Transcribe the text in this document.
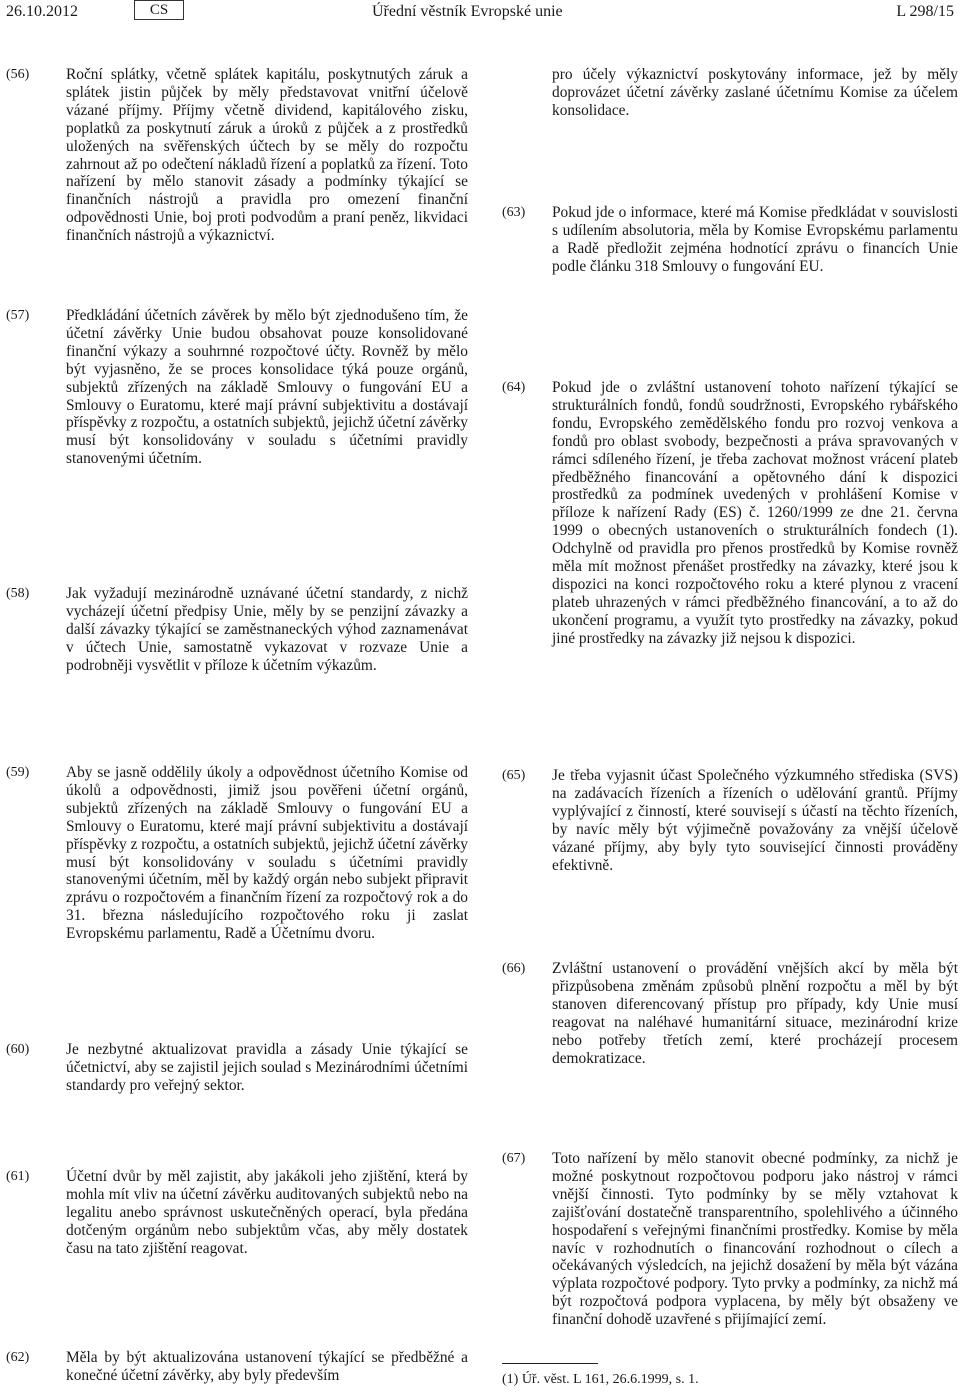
26.10.2012	CS	Úřední věstník Evropské unie	L 298/15
(56) Roční splátky, včetně splátek kapitálu, poskytnutých záruk a splátek jistin půjček by měly představovat vnitřní účelově vázané příjmy. Příjmy včetně dividend, kapitálového zisku, poplatků za poskytnutí záruk a úroků z půjček a z prostředků uložených na svěřenských účtech by se měly do rozpočtu zahrnout až po odečtení nákladů řízení a poplatků za řízení. Toto nařízení by mělo stanovit zásady a podmínky týkající se finančních nástrojů a pravidla pro omezení finanční odpovědnosti Unie, boj proti podvodům a praní peněz, likvidaci finančních nástrojů a výkaznictví.
(57) Předkládání účetních závěrek by mělo být zjednodušeno tím, že účetní závěrky Unie budou obsahovat pouze konsolidované finanční výkazy a souhrnné rozpočtové účty. Rovněž by mělo být vyjasněno, že se proces konsolidace týká pouze orgánů, subjektů zřízených na základě Smlouvy o fungování EU a Smlouvy o Euratomu, které mají právní subjektivitu a dostávají příspěvky z rozpočtu, a ostatních subjektů, jejichž účetní závěrky musí být konsolidovány v souladu s účetními pravidly stanovenými účetním.
(58) Jak vyžadují mezinárodně uznávané účetní standardy, z nichž vycházejí účetní předpisy Unie, měly by se penzijní závazky a další závazky týkající se zaměstnaneckých výhod zaznamenávat v účtech Unie, samostatně vykazovat v rozvaze Unie a podrobněji vysvětlit v příloze k účetním výkazům.
(59) Aby se jasně oddělily úkoly a odpovědnost účetního Komise od úkolů a odpovědnosti, jimiž jsou pověřeni účetní orgánů, subjektů zřízených na základě Smlouvy o fungování EU a Smlouvy o Euratomu, které mají právní subjektivitu a dostávají příspěvky z rozpočtu, a ostatních subjektů, jejichž účetní závěrky musí být konsolidovány v souladu s účetními pravidly stanovenými účetním, měl by každý orgán nebo subjekt připravit zprávu o rozpočtovém a finančním řízení za rozpočtový rok a do 31. března následujícího rozpočtového roku ji zaslat Evropskému parlamentu, Radě a Účetnímu dvoru.
(60) Je nezbytné aktualizovat pravidla a zásady Unie týkající se účetnictví, aby se zajistil jejich soulad s Mezinárodními účetními standardy pro veřejný sektor.
(61) Účetní dvůr by měl zajistit, aby jakákoli jeho zjištění, která by mohla mít vliv na účetní závěrku auditovaných subjektů nebo na legalitu anebo správnost uskutečněných operací, byla předána dotčeným orgánům nebo subjektům včas, aby měly dostatek času na tato zjištění reagovat.
(62) Měla by být aktualizována ustanovení týkající se předběžné a konečné účetní závěrky, aby byly především
pro účely výkaznictví poskytovány informace, jež by měly doprovázet účetní závěrky zaslané účetnímu Komise za účelem konsolidace.
(63) Pokud jde o informace, které má Komise předkládat v souvislosti s udílením absolutoria, měla by Komise Evropskému parlamentu a Radě předložit zejména hodnotící zprávu o financích Unie podle článku 318 Smlouvy o fungování EU.
(64) Pokud jde o zvláštní ustanovení tohoto nařízení týkající se strukturálních fondů, fondů soudržnosti, Evropského rybářského fondu, Evropského zemědělského fondu pro rozvoj venkova a fondů pro oblast svobody, bezpečnosti a práva spravovaných v rámci sdíleného řízení, je třeba zachovat možnost vrácení plateb předběžného financování a opětovného dání k dispozici prostředků za podmínek uvedených v prohlášení Komise v příloze k nařízení Rady (ES) č. 1260/1999 ze dne 21. června 1999 o obecných ustanoveních o strukturálních fondech (1). Odchylně od pravidla pro přenos prostředků by Komise rovněž měla mít možnost přenášet prostředky na závazky, které jsou k dispozici na konci rozpočtového roku a které plynou z vracení plateb uhrazených v rámci předběžného financování, a to až do ukončení programu, a využít tyto prostředky na závazky, pokud jiné prostředky na závazky již nejsou k dispozici.
(65) Je třeba vyjasnit účast Společného výzkumného střediska (SVS) na zadávacích řízeních a řízeních o udělování grantů. Příjmy vyplývající z činností, které souvisejí s účastí na těchto řízeních, by navíc měly být výjimečně považovány za vnější účelově vázané příjmy, aby byly tyto související činnosti prováděny efektivně.
(66) Zvláštní ustanovení o provádění vnějších akcí by měla být přizpůsobena změnám způsobů plnění rozpočtu a měl by být stanoven diferencovaný přístup pro případy, kdy Unie musí reagovat na naléhavé humanitární situace, mezinárodní krize nebo potřeby třetích zemí, které procházejí procesem demokratizace.
(67) Toto nařízení by mělo stanovit obecné podmínky, za nichž je možné poskytnout rozpočtovou podporu jako nástroj v rámci vnější činnosti. Tyto podmínky by se měly vztahovat k zajišťování dostatečně transparentního, spolehlivého a účinného hospodaření s veřejnými finančními prostředky. Komise by měla navíc v rozhodnutích o financování rozhodnout o cílech a očekávaných výsledcích, na jejichž dosažení by měla být vázána výplata rozpočtové podpory. Tyto prvky a podmínky, za nichž má být rozpočtová podpora vyplacena, by měly být obsaženy ve finanční dohodě uzavřené s přijímající zemí.
(1) Úř. věst. L 161, 26.6.1999, s. 1.
